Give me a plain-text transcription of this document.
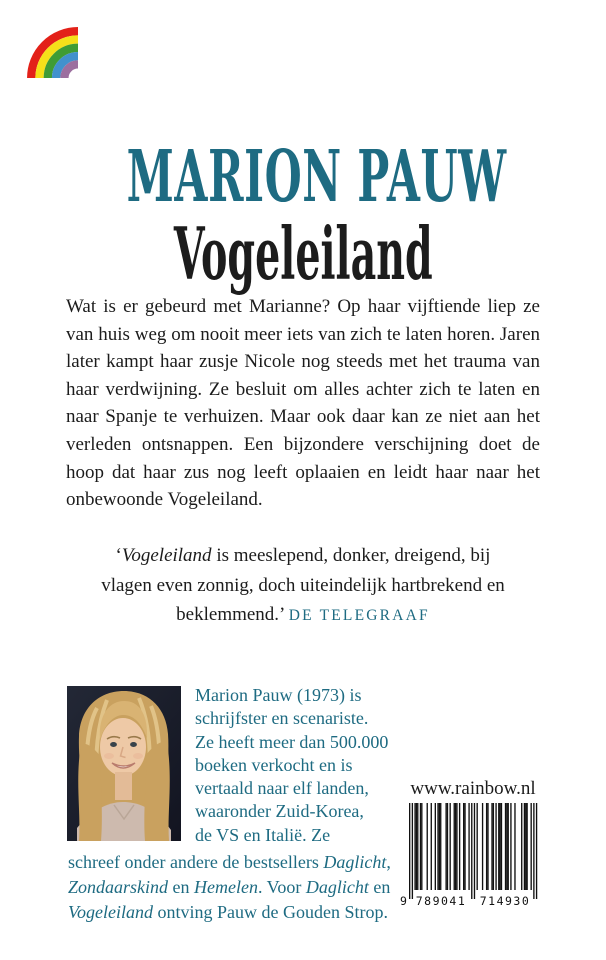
MARION PAUW
Vogeleiland
Wat is er gebeurd met Marianne? Op haar vijftiende liep ze
van huis weg om nooit meer iets van zich te laten horen. Jaren
later kampt haar zusje Nicole nog steeds met het trauma van
haar verdwijning. Ze besluit om alles achter zich te laten en
naar Spanje te verhuizen. Maar ook daar kan ze niet aan het
verleden ontsnappen. Een bijzondere verschijning doet de
hoop dat haar zus nog leeft oplaaien en leidt haar naar het
onbewoonde Vogeleiland.
‘Vogeleiland is meeslepend, donker, dreigend, bij
vlagen even zonnig, doch uiteindelijk hartbrekend en
beklemmend.’ DE TELEGRAAF
Marion Pauw (1973) is
schrijfster en scenariste.
Ze heeft meer dan 500.000
boeken verkocht en is
vertaald naar elf landen,
waaronder Zuid-Korea,
de VS en Italië. Ze
schreef onder andere de bestsellers Daglicht,
Zondaarskind en Hemelen. Voor Daglicht en
Vogeleiland ontving Pauw de Gouden Strop.
www.rainbow.nl
9 789041 714930
